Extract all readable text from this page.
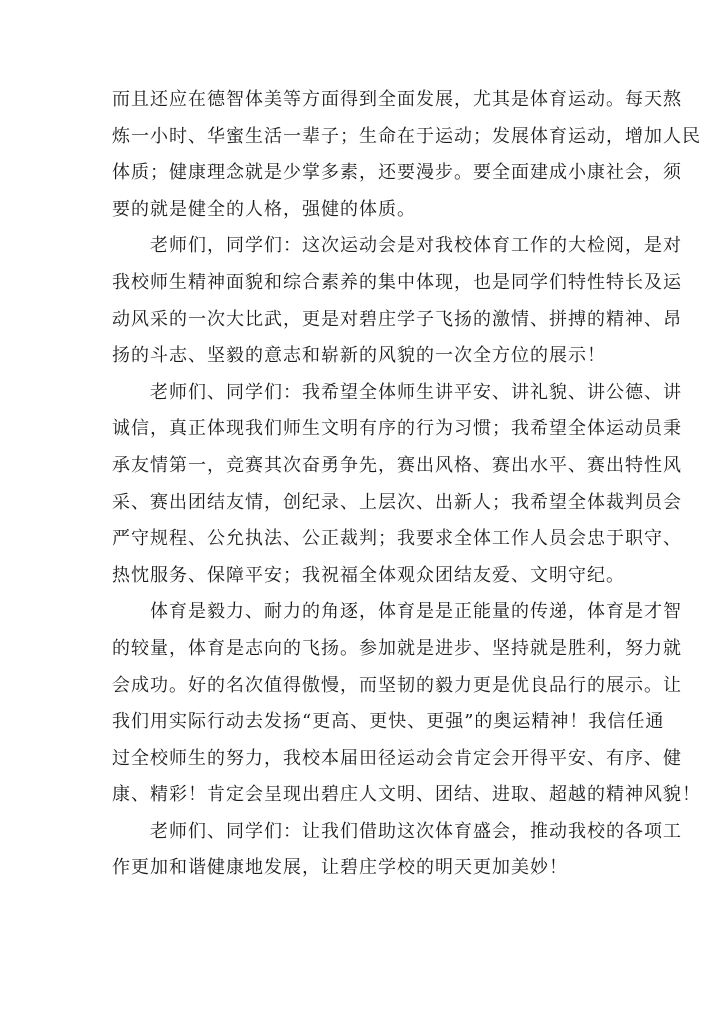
而且还应在德智体美等方面得到全面发展，尤其是体育运动。每天熬
炼一小时、华蜜生活一辈子；生命在于运动；发展体育运动，增加人民
体质；健康理念就是少掌多素，还要漫步。要全面建成小康社会，须
要的就是健全的人格，强健的体质。
老师们，同学们：这次运动会是对我校体育工作的大检阅，是对
我校师生精神面貌和综合素养的集中体现，也是同学们特性特长及运
动风采的一次大比武，更是对碧庄学子飞扬的激情、拼搏的精神、昂
扬的斗志、坚毅的意志和崭新的风貌的一次全方位的展示！
老师们、同学们：我希望全体师生讲平安、讲礼貌、讲公德、讲
诚信，真正体现我们师生文明有序的行为习惯；我希望全体运动员秉
承友情第一，竞赛其次奋勇争先，赛出风格、赛出水平、赛出特性风
采、赛出团结友情，创纪录、上层次、出新人；我希望全体裁判员会
严守规程、公允执法、公正裁判；我要求全体工作人员会忠于职守、
热忱服务、保障平安；我祝福全体观众团结友爱、文明守纪。
体育是毅力、耐力的角逐，体育是是正能量的传递，体育是才智
的较量，体育是志向的飞扬。参加就是进步、坚持就是胜利，努力就
会成功。好的名次值得傲慢，而坚韧的毅力更是优良品行的展示。让
我们用实际行动去发扬“更高、更快、更强”的奥运精神！我信任通
过全校师生的努力，我校本届田径运动会肯定会开得平安、有序、健
康、精彩！肯定会呈现出碧庄人文明、团结、进取、超越的精神风貌！
老师们、同学们：让我们借助这次体育盛会，推动我校的各项工
作更加和谐健康地发展，让碧庄学校的明天更加美妙！
